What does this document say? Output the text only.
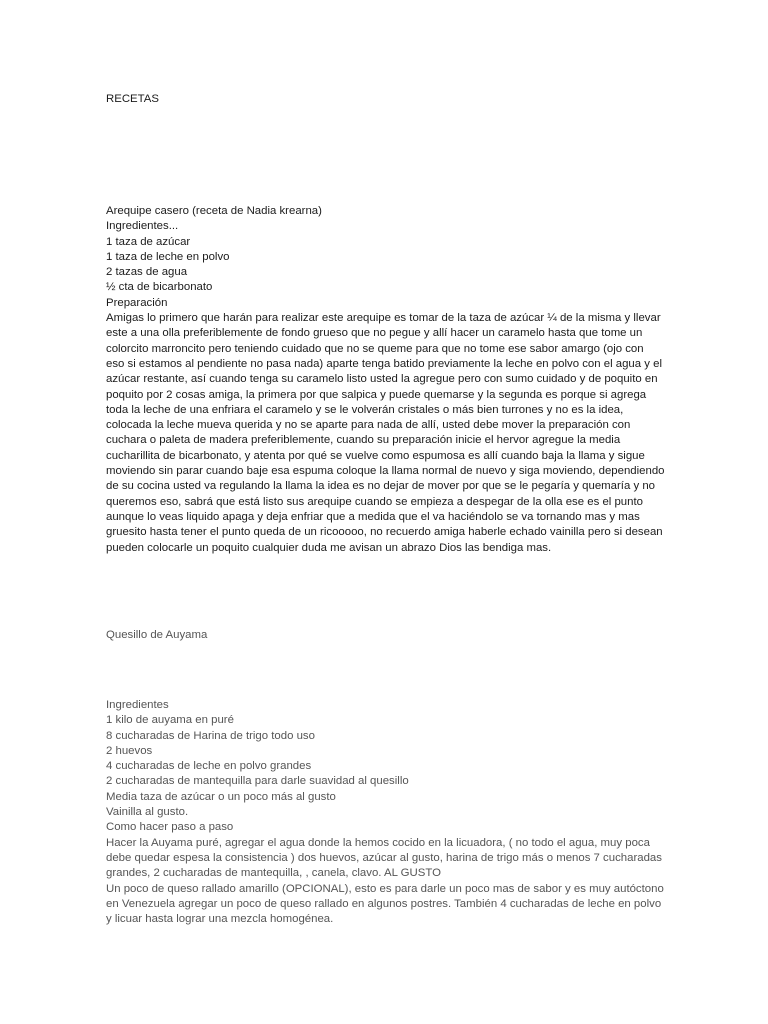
RECETAS
Arequipe casero (receta de Nadia krearna)
Ingredientes...
1 taza de azúcar
1 taza de leche en polvo
2 tazas de agua
½ cta de bicarbonato
Preparación
Amigas lo primero que harán para realizar este arequipe es tomar de la taza de azúcar ¼ de la misma y llevar
este a una olla preferiblemente de fondo grueso que no pegue y allí hacer un caramelo hasta que tome un
colorcito marroncito pero teniendo cuidado que no se queme para que no tome ese sabor amargo (ojo con
eso si estamos al pendiente no pasa nada) aparte tenga batido previamente la leche en polvo con el agua y el
azúcar restante, así cuando tenga su caramelo listo usted la agregue pero con sumo cuidado y de poquito en
poquito por 2 cosas amiga, la primera por que salpica y puede quemarse y la segunda es porque si agrega
toda la leche de una enfriara el caramelo y se le volverán cristales o más bien turrones y no es la idea,
colocada la leche mueva querida y no se aparte para nada de allí, usted debe mover la preparación con
cuchara o paleta de madera preferiblemente, cuando su preparación inicie el hervor agregue la media
cucharillita de bicarbonato, y atenta por qué se vuelve como espumosa es allí cuando baja la llama y sigue
moviendo sin parar cuando baje esa espuma coloque la llama normal de nuevo y siga moviendo, dependiendo
de su cocina usted va regulando la llama la idea es no dejar de mover por que se le pegaría y quemaría y no
queremos eso, sabrá que está listo sus arequipe cuando se empieza a despegar de la olla ese es el punto
aunque lo veas liquido apaga y deja enfriar que a medida que el va haciéndolo se va tornando mas y mas
gruesito hasta tener el punto queda de un ricooooo, no recuerdo amiga haberle echado vainilla pero si desean
pueden colocarle un poquito cualquier duda me avisan un abrazo Dios las bendiga mas.
Quesillo de Auyama
Ingredientes
1 kilo de auyama en puré
8 cucharadas de Harina de trigo todo uso
2 huevos
4 cucharadas de leche en polvo grandes
2 cucharadas de mantequilla para darle suavidad al quesillo
Media taza de azúcar o un poco más al gusto
Vainilla al gusto.
Como hacer paso a paso
Hacer la Auyama puré, agregar el agua donde la hemos cocido en la licuadora, ( no todo el agua, muy poca
debe quedar espesa la consistencia ) dos huevos, azúcar al gusto, harina de trigo más o menos 7 cucharadas
grandes, 2 cucharadas de mantequilla, , canela, clavo. AL GUSTO
Un poco de queso rallado amarillo (OPCIONAL), esto es para darle un poco mas de sabor y es muy autóctono
en Venezuela agregar un poco de queso rallado en algunos postres. También 4 cucharadas de leche en polvo
y licuar hasta lograr una mezcla homogénea.
